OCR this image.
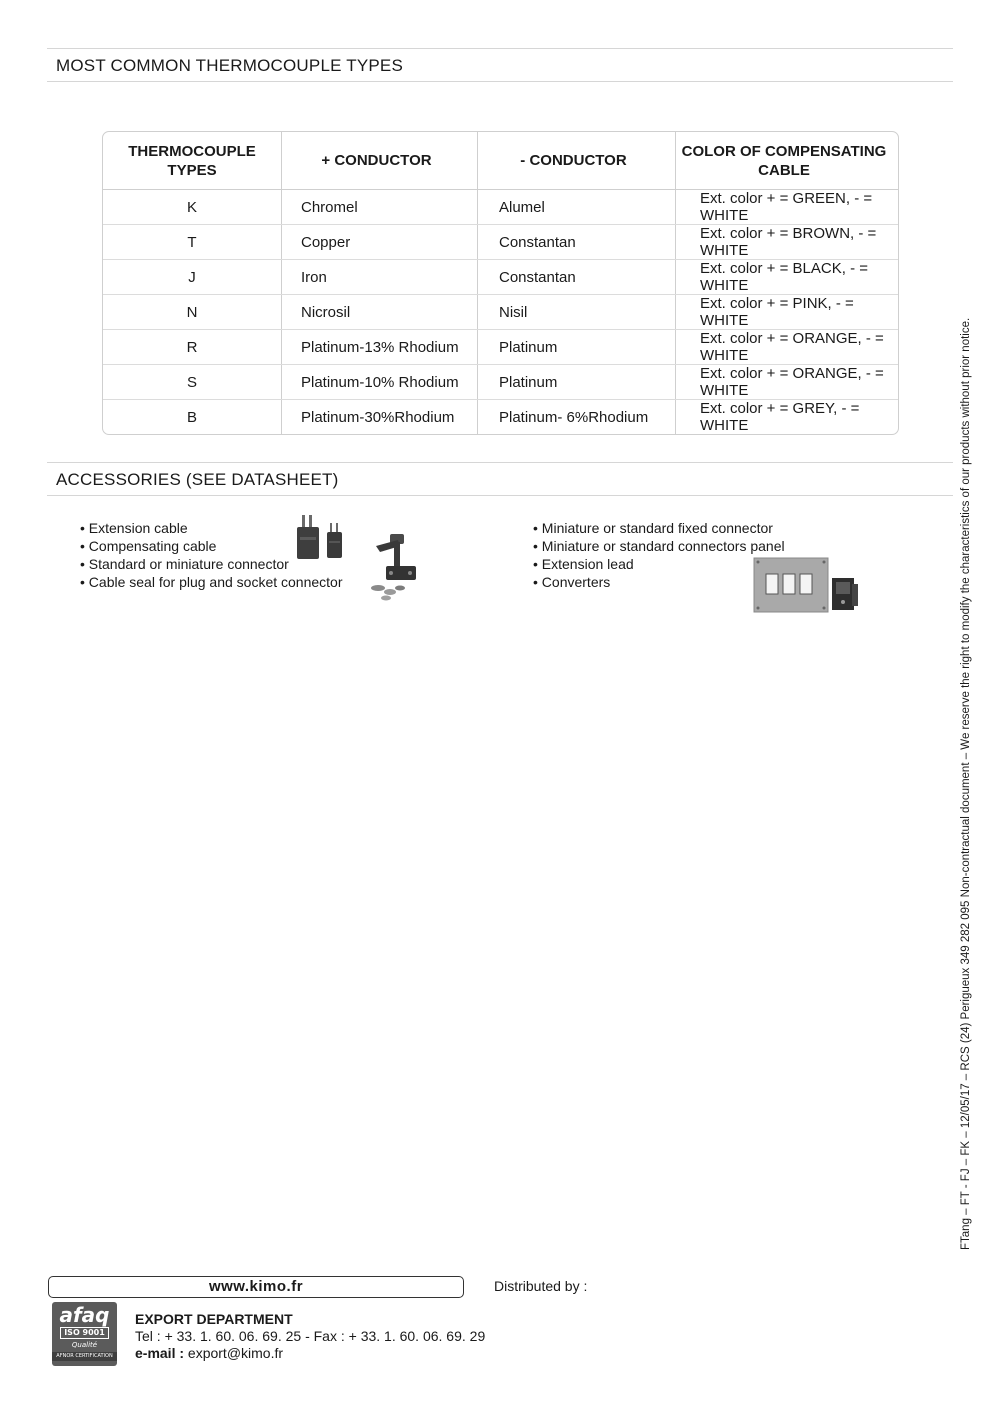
MOST COMMON THERMOCOUPLE TYPES
THERMOCOUPLE
TYPES	+ CONDUCTOR	- CONDUCTOR	COLOR OF COMPENSATING CABLE
K	Chromel	Alumel	Ext. color + = GREEN, - = WHITE
T	Copper	Constantan	Ext. color + = BROWN, - = WHITE
J	Iron	Constantan	Ext. color + = BLACK, - = WHITE
N	Nicrosil	Nisil	Ext. color + = PINK, - = WHITE
R	Platinum-13% Rhodium	Platinum	Ext. color + = ORANGE, - = WHITE
S	Platinum-10% Rhodium	Platinum	Ext. color + = ORANGE, - = WHITE
B	Platinum-30%Rhodium	Platinum- 6%Rhodium	Ext. color + = GREY, - = WHITE
ACCESSORIES (SEE DATASHEET)
• Extension cable
• Compensating cable
• Standard or miniature connector
• Cable seal for plug and socket connector
• Miniature or standard fixed connector
• Miniature or standard connectors panel
• Extension lead
• Converters	FTang – FT - FJ – FK – 12/05/17 – RCS (24) Perigueux 349 282 095 Non-contractual document – We reserve the right to modify the characteristics of our products without prior notice.
www.kimo.fr	Distributed by :
afaq
ISO 9001
Qualité
AFNOR CERTIFICATION
EXPORT DEPARTMENT
Tel : + 33. 1. 60. 06. 69. 25 - Fax : + 33. 1. 60. 06. 69. 29
e-mail : export@kimo.fr
